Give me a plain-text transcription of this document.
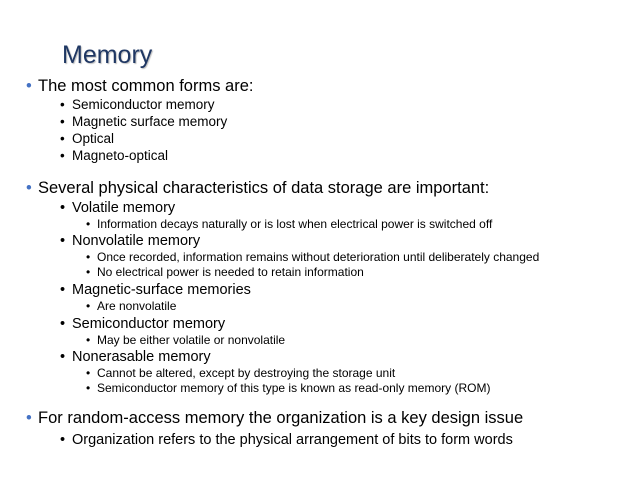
Memory
• The most common forms are:
• Semiconductor memory
• Magnetic surface memory
• Optical
• Magneto-optical
• Several physical characteristics of data storage are important:
• Volatile memory
• Information decays naturally or is lost when electrical power is switched off
• Nonvolatile memory
• Once recorded, information remains without deterioration until deliberately changed
• No electrical power is needed to retain information
• Magnetic-surface memories
• Are nonvolatile
• Semiconductor memory
• May be either volatile or nonvolatile
• Nonerasable memory
• Cannot be altered, except by destroying the storage unit
• Semiconductor memory of this type is known as read-only memory (ROM)
• For random-access memory the organization is a key design issue
• Organization refers to the physical arrangement of bits to form words
